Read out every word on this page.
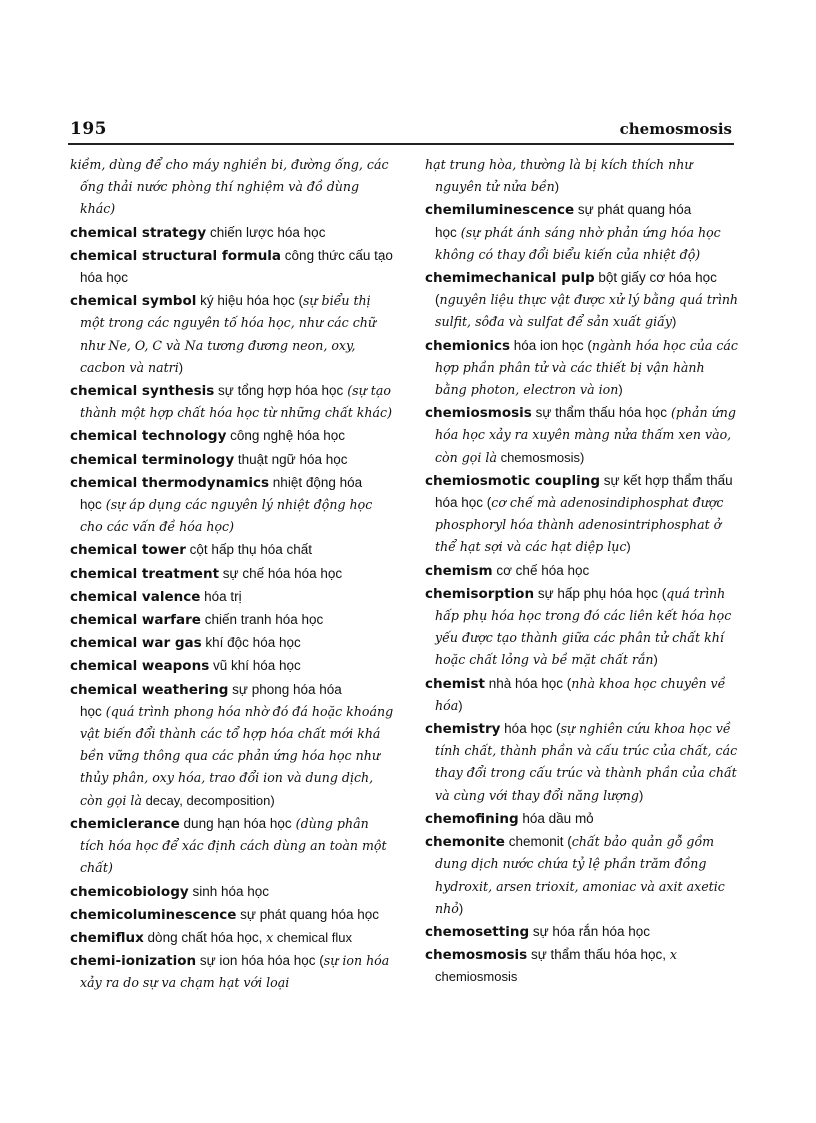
195	chemosmosis
kiềm, dùng để cho máy nghiền bi, đường ống, các ống thải nước phòng thí nghiệm và đồ dùng khác)
chemical strategy chiến lược hóa học
chemical structural formula công thức cấu tạo hóa học
chemical symbol ký hiệu hóa học (sự biểu thị một trong các nguyên tố hóa học, như các chữ như Ne, O, C và Na tương đương neon, oxy, cacbon và natri)
chemical synthesis sự tổng hợp hóa học (sự tạo thành một hợp chất hóa học từ những chất khác)
chemical technology công nghệ hóa học
chemical terminology thuật ngữ hóa học
chemical thermodynamics nhiệt động hóa học (sự áp dụng các nguyên lý nhiệt động học cho các vấn đề hóa học)
chemical tower cột hấp thụ hóa chất
chemical treatment sự chế hóa hóa học
chemical valence hóa trị
chemical warfare chiến tranh hóa học
chemical war gas khí độc hóa học
chemical weapons vũ khí hóa học
chemical weathering sự phong hóa hóa học (quá trình phong hóa nhờ đó đá hoặc khoáng vật biến đổi thành các tổ hợp hóa chất mới khá bền vững thông qua các phản ứng hóa học như thủy phân, oxy hóa, trao đổi ion và dung dịch, còn gọi là decay, decomposition)
chemiclerance dung hạn hóa học (dùng phân tích hóa học để xác định cách dùng an toàn một chất)
chemicobiology sinh hóa học
chemicoluminescence sự phát quang hóa học
chemiflux dòng chất hóa học, x chemical flux
chemi-ionization sự ion hóa hóa học (sự ion hóa xảy ra do sự va chạm hạt với loại
hạt trung hòa, thường là bị kích thích như nguyên tử nửa bền)
chemiluminescence sự phát quang hóa học (sự phát ánh sáng nhờ phản ứng hóa học không có thay đổi biểu kiến của nhiệt độ)
chemimechanical pulp bột giấy cơ hóa học (nguyên liệu thực vật được xử lý bằng quá trình sulfit, sôđa và sulfat để sản xuất giấy)
chemionics hóa ion học (ngành hóa học của các hợp phần phân tử và các thiết bị vận hành bằng photon, electron và ion)
chemiosmosis sự thẩm thấu hóa học (phản ứng hóa học xảy ra xuyên màng nửa thấm xen vào, còn gọi là chemosmosis)
chemiosmotic coupling sự kết hợp thẩm thấu hóa học (cơ chế mà adenosindiphosphat được phosphoryl hóa thành adenosintriphosphat ở thể hạt sợi và các hạt diệp lục)
chemism cơ chế hóa học
chemisorption sự hấp phụ hóa học (quá trình hấp phụ hóa học trong đó các liên kết hóa học yếu được tạo thành giữa các phân tử chất khí hoặc chất lỏng và bề mặt chất rắn)
chemist nhà hóa học (nhà khoa học chuyên về hóa)
chemistry hóa học (sự nghiên cứu khoa học về tính chất, thành phần và cấu trúc của chất, các thay đổi trong cấu trúc và thành phần của chất và cùng với thay đổi năng lượng)
chemofining hóa dầu mỏ
chemonite chemonit (chất bảo quản gỗ gồm dung dịch nước chứa tỷ lệ phần trăm đồng hydroxit, arsen trioxit, amoniac và axit axetic nhỏ)
chemosetting sự hóa rắn hóa học
chemosmosis sự thẩm thấu hóa học, x chemiosmosis
